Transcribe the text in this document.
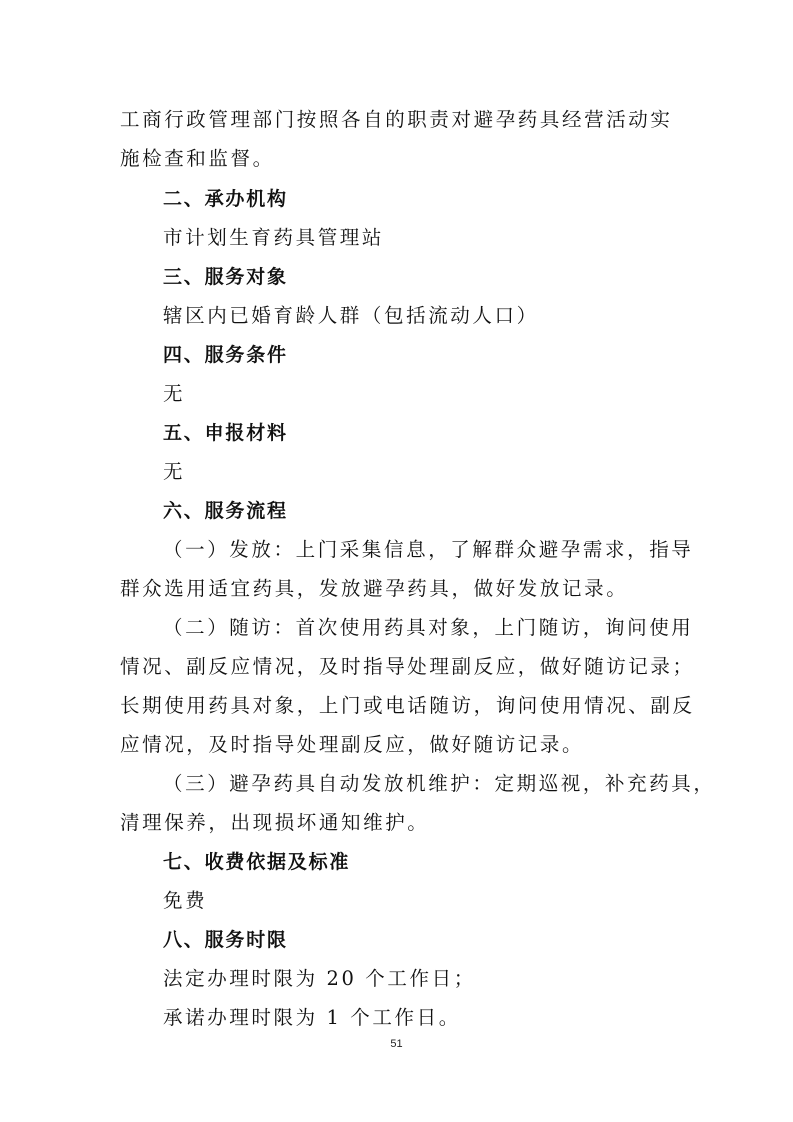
工商行政管理部门按照各自的职责对避孕药具经营活动实
施检查和监督。
二、承办机构
市计划生育药具管理站
三、服务对象
辖区内已婚育龄人群（包括流动人口）
四、服务条件
无
五、申报材料
无
六、服务流程
（一）发放：上门采集信息，了解群众避孕需求，指导
群众选用适宜药具，发放避孕药具，做好发放记录。
（二）随访：首次使用药具对象，上门随访，询问使用
情况、副反应情况，及时指导处理副反应，做好随访记录；
长期使用药具对象，上门或电话随访，询问使用情况、副反
应情况，及时指导处理副反应，做好随访记录。
（三）避孕药具自动发放机维护：定期巡视，补充药具，
清理保养，出现损坏通知维护。
七、收费依据及标准
免费
八、服务时限
法定办理时限为 20 个工作日；
承诺办理时限为 1 个工作日。
51
